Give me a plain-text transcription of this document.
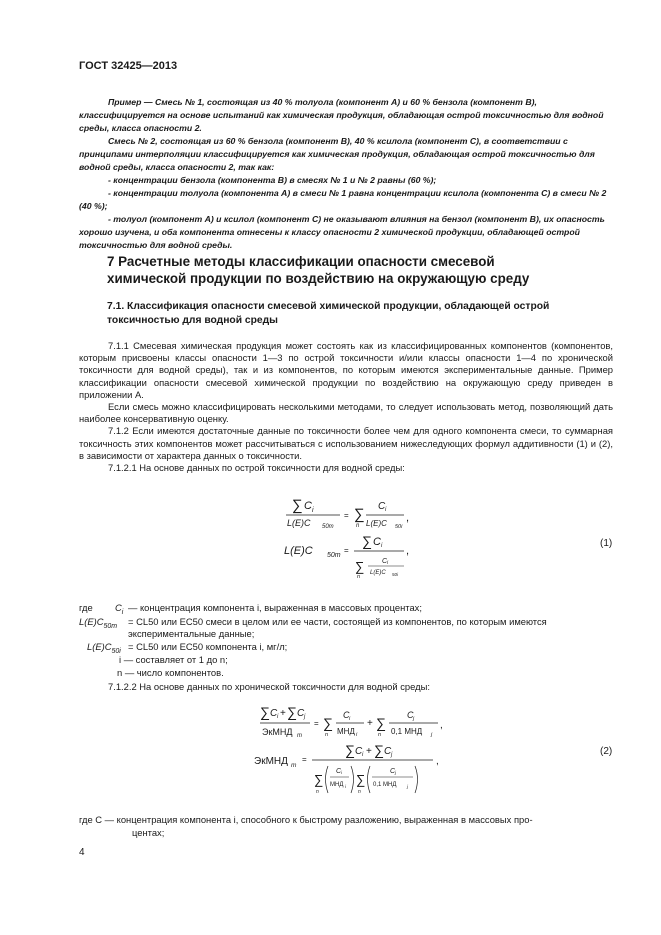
ГОСТ 32425—2013

Пример — Смесь № 1, состоящая из 40 % толуола (компонент A) и 60 % бензола (компонент B), классифицируется на основе испытаний как химическая продукция, обладающая острой токсичностью для водной среды, класса опасности 2.

Смесь № 2, состоящая из 60 % бензола (компонент B), 40 % ксилола (компонент C), в соответствии с принципами интерполяции классифицируется как химическая продукция, обладающая острой токсичностью для водной среды, класса опасности 2, так как:

- концентрации бензола (компонента B) в смесях № 1 и № 2 равны (60 %);

- концентрации толуола (компонента A) в смеси № 1 равна концентрации ксилола (компонента C) в смеси № 2 (40 %);

- толуол (компонент A) и ксилол (компонент C) не оказывают влияния на бензол (компонент B), их опасность хорошо изучена, и оба компонента отнесены к классу опасности 2 химической продукции, обладающей острой токсичностью для водной среды.

7 Расчетные методы классификации опасности смесевой химической продукции по воздействию на окружающую среду
7.1. Классификация опасности смесевой химической продукции, обладающей острой токсичностью для водной среды

7.1.1 Смесевая химическая продукция может состоять как из классифицированных компонентов (компонентов, которым присвоены классы опасности 1—3 по острой токсичности и/или классы опасности 1—4 по хронической токсичности для водной среды), так и из компонентов, по которым имеются экспериментальные данные. Пример классификации опасности смесевой химической продукции по воздействию на окружающую среду приведен в приложении А.

Если смесь можно классифицировать несколькими методами, то следует использовать метод, позволяющий дать наиболее консервативную оценку.

7.1.2 Если имеются достаточные данные по токсичности более чем для одного компонента смеси, то суммарная токсичность этих компонентов может рассчитываться с использованием нижеследующих формул аддитивности (1) и (2), в зависимости от характера данных о токсичности.

7.1.2.1 На основе данных по острой токсичности для водной среды:

∑ C i
L(E)C 50m
= ∑
n
C i
L(E)C 50i
,
L(E)C 50m
=
∑ C i
∑
n
C i
L(E)C 50i
,
(1)
где $C_i$ — концентрация компонента i, выраженная в массовых процентах;
$L(E)C_{50m} = CL50$ или EC50 смеси в целом или ее части, состоящей из компонентов, по которым имеются
экспериментальные данные;
$L(E)C_{50i} = CL50$ или EC50 компонента i, мг/л;
i — составляет от 1 до n;
n — число компонентов.
7.1.2.2 На основе данных по хронической токсичности для водной среды:
∑ C i + ∑ C j
ЭкМНД m
= ∑
n
C i
МНД i
+ ∑
n
C j
0,1 МНД j
,
ЭкМНД m
=
∑ C i + ∑ C j
∑
n
C i
МНД i ∑
n
C j
0,1 МНД j
,
(2)
где C — концентрация компонента i, способного к быстрому разложению, выраженная в массовых про-
центах;
4
